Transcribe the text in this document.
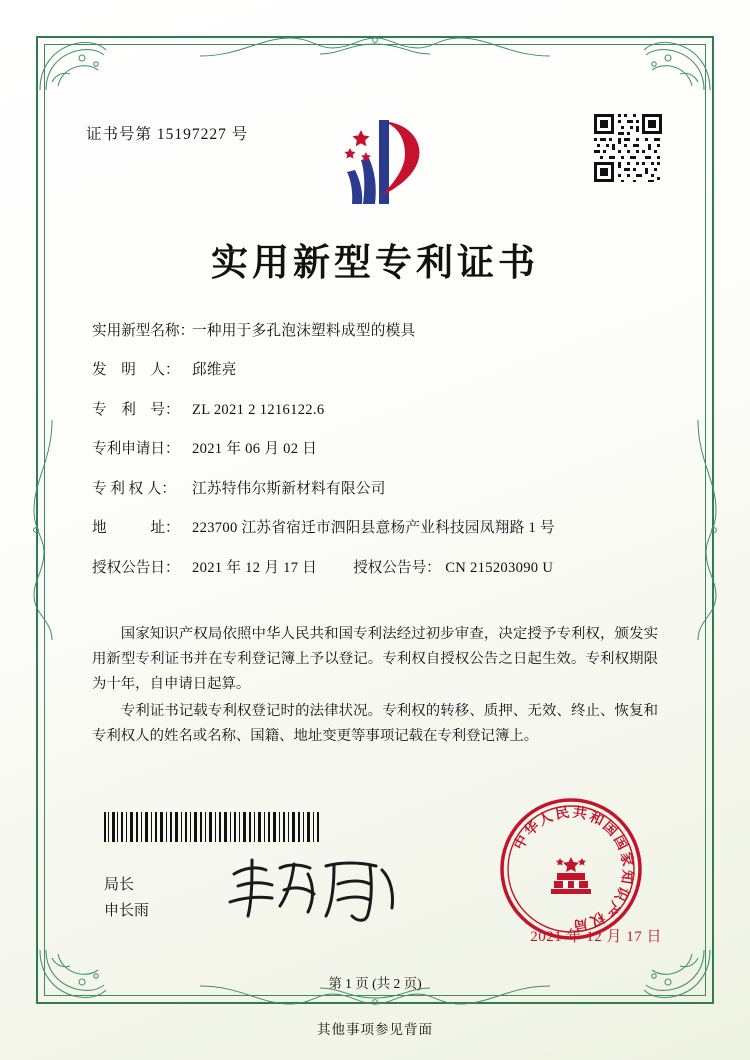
证书号第 15197227 号
实用新型专利证书
实用新型名称：
一种用于多孔泡沫塑料成型的模具
发　明　人： 邱维亮
专　利　号： ZL 2021 2 1216122.6
专利申请日： 2021 年 06 月 02 日
专 利 权 人：	江苏特伟尔斯新材料有限公司
地　　　址： 223700 江苏省宿迁市泗阳县意杨产业科技园凤翔路 1 号
授权公告日： 2021 年 12 月 17 日 授权公告号： CN 215203090 U

国家知识产权局依照中华人民共和国专利法经过初步审查，决定授予专利权，颁发实用新型专利证书并在专利登记簿上予以登记。专利权自授权公告之日起生效。专利权期限为十年，自申请日起算。

专利证书记载专利权登记时的法律状况。专利权的转移、质押、无效、终止、恢复和专利权人的姓名或名称、国籍、地址变更等事项记载在专利登记簿上。

局长
申长雨
中
华
人
民 共
和
国
国
家
知
识
产
权
局
2021 年 12 月 17 日
第 1 页 (共 2 页)
其他事项参见背面
